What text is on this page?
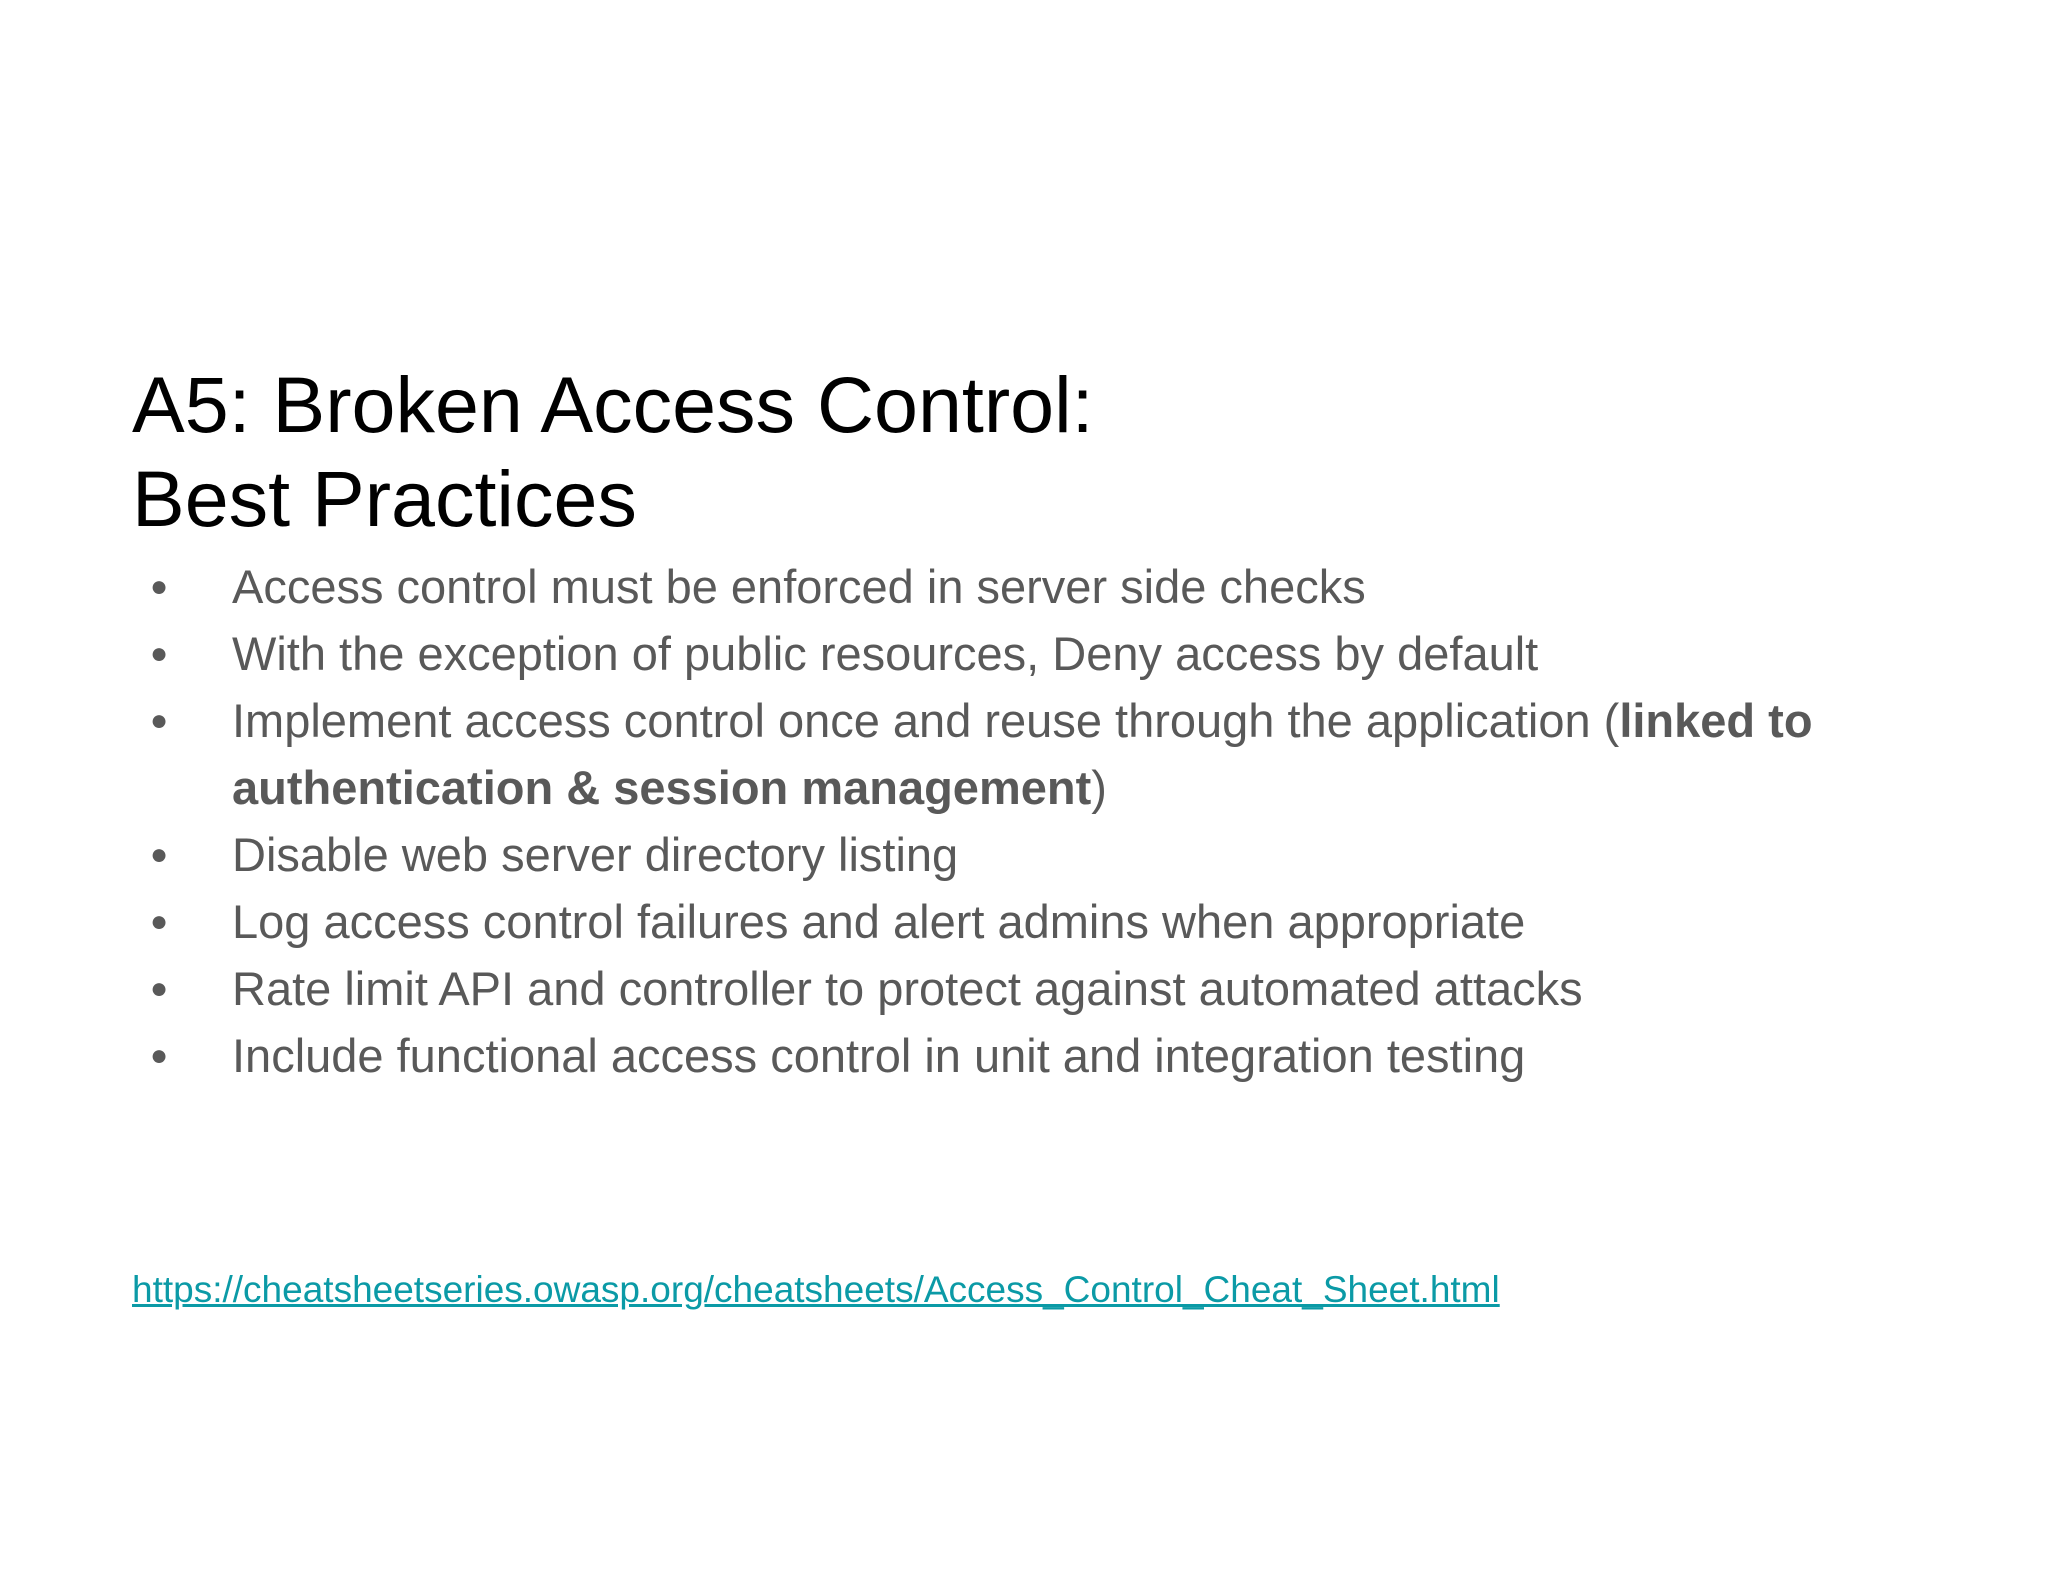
A5: Broken Access Control:
Best Practices
● Access control must be enforced in server side checks
● With the exception of public resources, Deny access by default
● Implement access control once and reuse through the application (linked to authentication & session management)
● Disable web server directory listing
● Log access control failures and alert admins when appropriate
● Rate limit API and controller to protect against automated attacks
● Include functional access control in unit and integration testing
https://cheatsheetseries.owasp.org/cheatsheets/Access_Control_Cheat_Sheet.html
